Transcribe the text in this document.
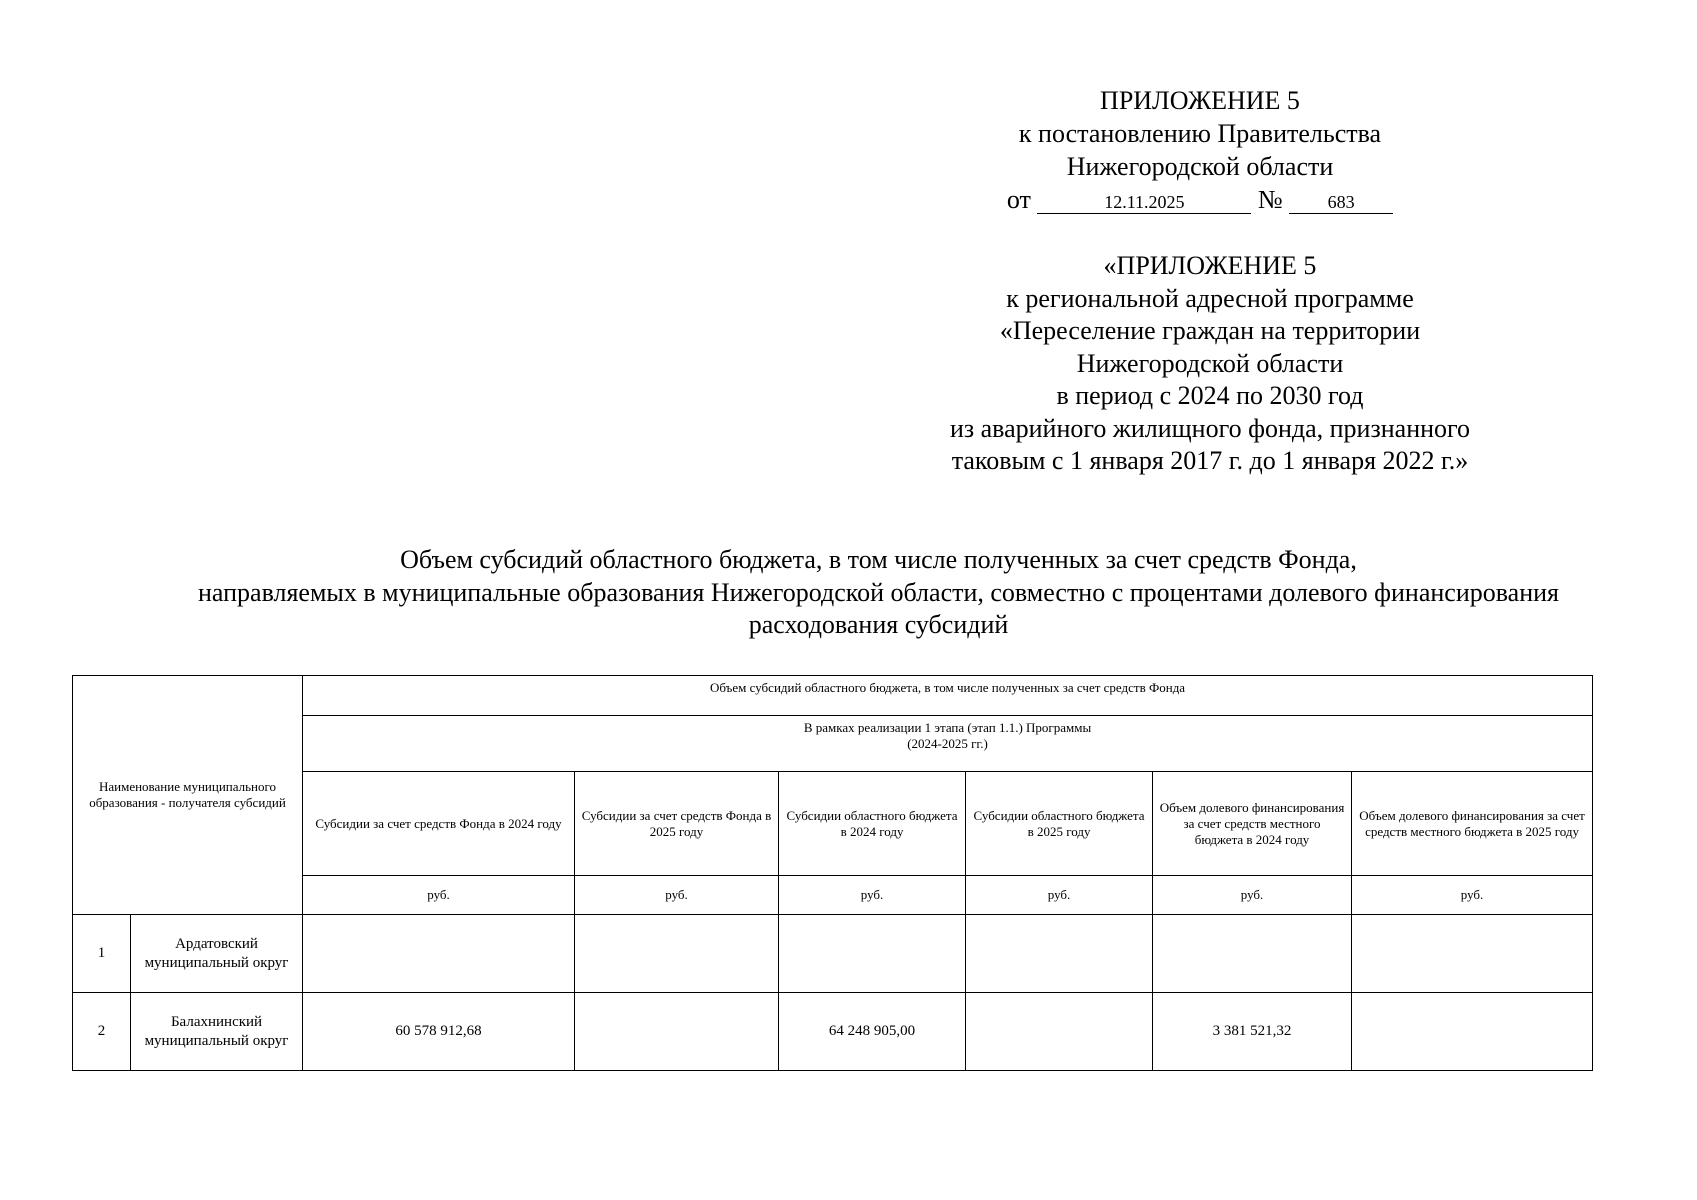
ПРИЛОЖЕНИЕ 5
к постановлению Правительства
Нижегородской области
от	12.11.2025	№	683
«ПРИЛОЖЕНИЕ 5
к региональной адресной программе
«Переселение граждан на территории
Нижегородской области
в период с 2024 по 2030 год
из аварийного жилищного фонда, признанного
таковым с 1 января 2017 г. до 1 января 2022 г.»
Объем субсидий областного бюджета, в том числе полученных за счет средств Фонда,
направляемых в муниципальные образования Нижегородской области, совместно с процентами долевого финансирования
расходования субсидий
Наименование муниципального образования - получателя субсидий		Объем субсидий областного бюджета, в том числе полученных за счет средств Фонда					

		В рамках реализации 1 этапа (этап 1.1.) Программы
(2024-2025 гг.)					

		Субсидии за счет средств Фонда в 2024 году	Субсидии за счет средств Фонда в 2025 году	Субсидии областного бюджета в 2024 году	Субсидии областного бюджета в 2025 году	Объем долевого финансирования за счет средств местного бюджета в 2024 году	Объем долевого финансирования за счет средств местного бюджета в 2025 году
		руб.	руб.	руб.	руб.	руб.	руб.
1	Ардатовский муниципальный округ						
2	Балахнинский муниципальный округ	60 578 912,68		64 248 905,00		3 381 521,32	
